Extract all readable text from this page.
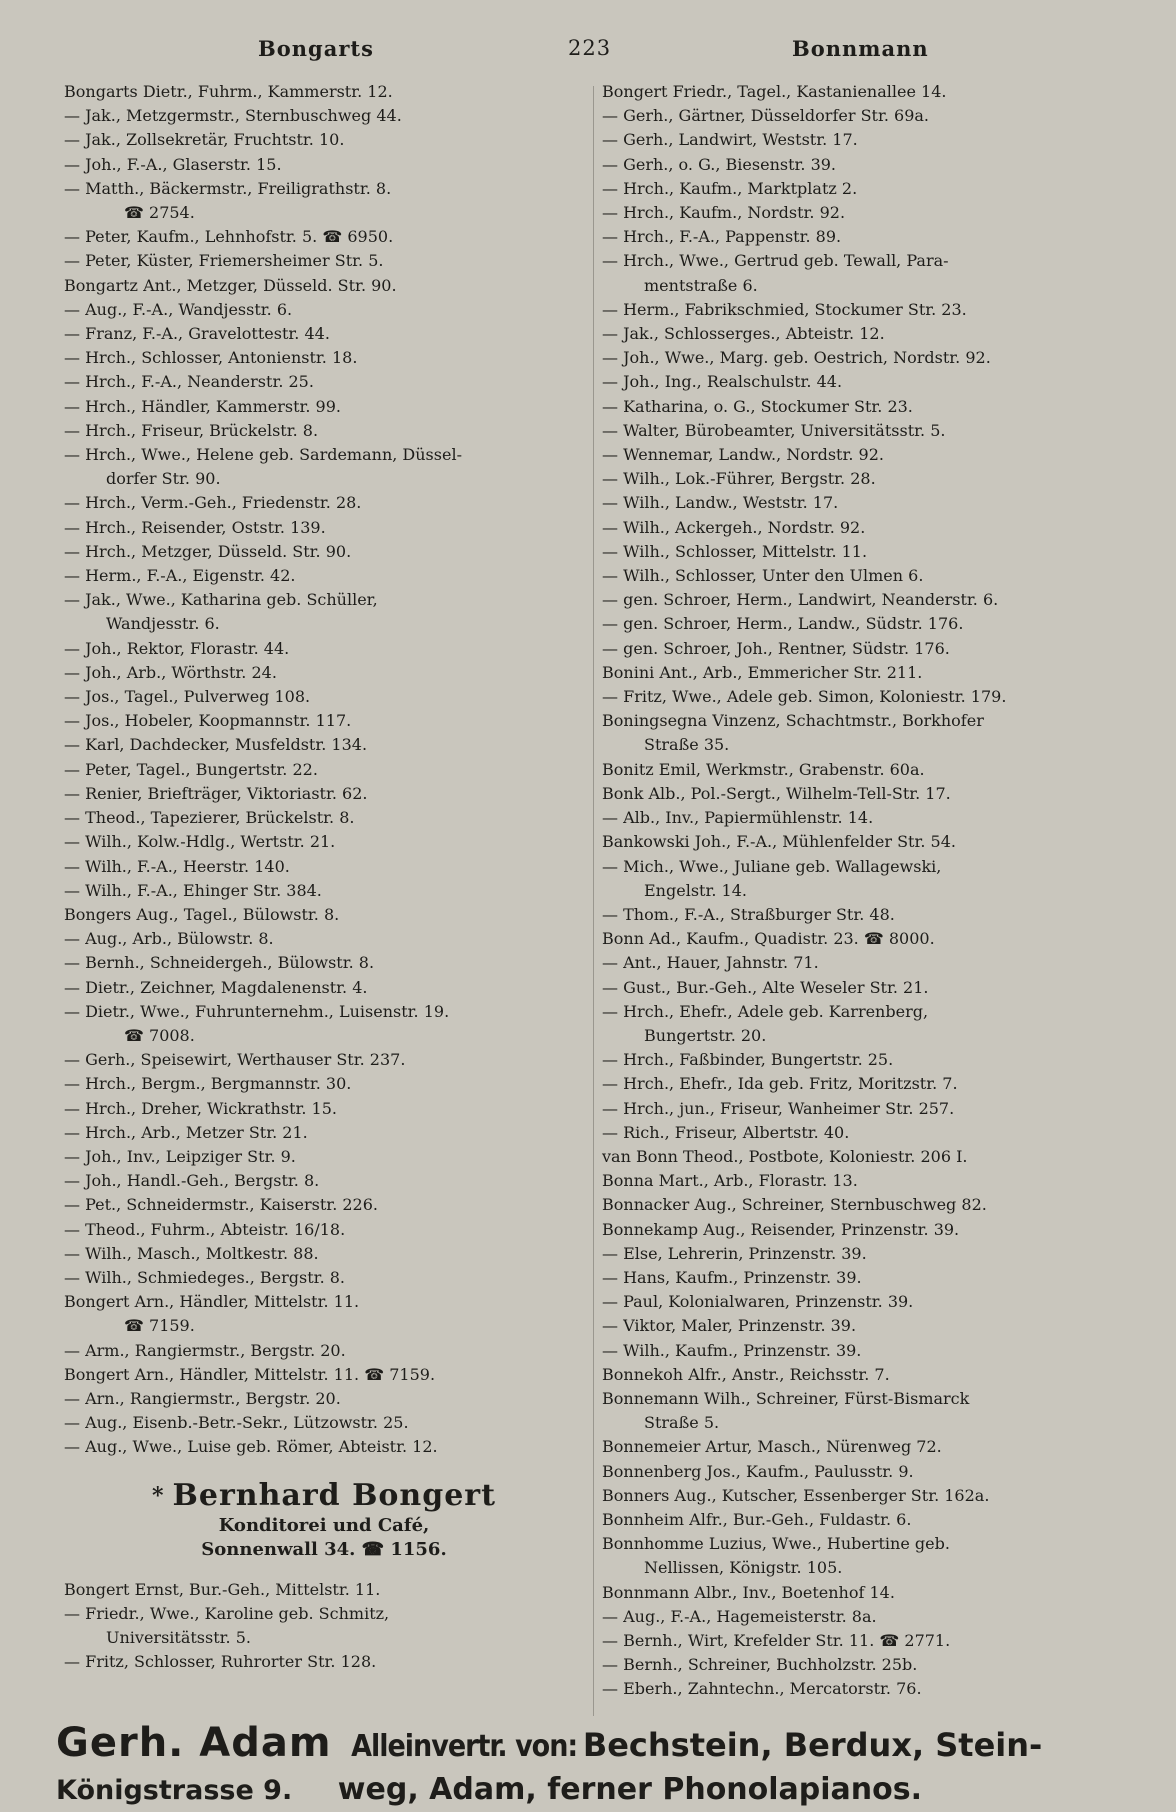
Bongarts	223	Bonnmann
Bongarts Dietr., Fuhrm., Kammerstr. 12.
— Jak., Metzgermstr., Sternbuschweg 44.
— Jak., Zollsekretär, Fruchtstr. 10.
— Joh., F.-A., Glaserstr. 15.
— Matth., Bäckermstr., Freiligrathstr. 8.
☎ 2754.
— Peter, Kaufm., Lehnhofstr. 5. ☎ 6950.
— Peter, Küster, Friemersheimer Str. 5.
Bongartz Ant., Metzger, Düsseld. Str. 90.
— Aug., F.-A., Wandjesstr. 6.
— Franz, F.-A., Gravelottestr. 44.
— Hrch., Schlosser, Antonienstr. 18.
— Hrch., F.-A., Neanderstr. 25.
— Hrch., Händler, Kammerstr. 99.
— Hrch., Friseur, Brückelstr. 8.
— Hrch., Wwe., Helene geb. Sardemann, Düssel-
dorfer Str. 90.
— Hrch., Verm.-Geh., Friedenstr. 28.
— Hrch., Reisender, Oststr. 139.
— Hrch., Metzger, Düsseld. Str. 90.
— Herm., F.-A., Eigenstr. 42.
— Jak., Wwe., Katharina geb. Schüller,
Wandjesstr. 6.
— Joh., Rektor, Florastr. 44.
— Joh., Arb., Wörthstr. 24.
— Jos., Tagel., Pulverweg 108.
— Jos., Hobeler, Koopmannstr. 117.
— Karl, Dachdecker, Musfeldstr. 134.
— Peter, Tagel., Bungertstr. 22.
— Renier, Briefträger, Viktoriastr. 62.
— Theod., Tapezierer, Brückelstr. 8.
— Wilh., Kolw.-Hdlg., Wertstr. 21.
— Wilh., F.-A., Heerstr. 140.
— Wilh., F.-A., Ehinger Str. 384.
Bongers Aug., Tagel., Bülowstr. 8.
— Aug., Arb., Bülowstr. 8.
— Bernh., Schneidergeh., Bülowstr. 8.
— Dietr., Zeichner, Magdalenenstr. 4.
— Dietr., Wwe., Fuhrunternehm., Luisenstr. 19.
☎ 7008.
— Gerh., Speisewirt, Werthauser Str. 237.
— Hrch., Bergm., Bergmannstr. 30.
— Hrch., Dreher, Wickrathstr. 15.
— Hrch., Arb., Metzer Str. 21.
— Joh., Inv., Leipziger Str. 9.
— Joh., Handl.-Geh., Bergstr. 8.
— Pet., Schneidermstr., Kaiserstr. 226.
— Theod., Fuhrm., Abteistr. 16/18.
— Wilh., Masch., Moltkestr. 88.
— Wilh., Schmiedeges., Bergstr. 8.
Bongert Arn., Händler, Mittelstr. 11.
☎ 7159.
— Arm., Rangiermstr., Bergstr. 20.
Bongert Arn., Händler, Mittelstr. 11. ☎ 7159.
— Arn., Rangiermstr., Bergstr. 20.
— Aug., Eisenb.-Betr.-Sekr., Lützowstr. 25.
— Aug., Wwe., Luise geb. Römer, Abteistr. 12.
* Bernhard Bongert
Konditorei und Café,
Sonnenwall 34. ☎ 1156.
Bongert Ernst, Bur.-Geh., Mittelstr. 11.
— Friedr., Wwe., Karoline geb. Schmitz,
Universitätsstr. 5.
— Fritz, Schlosser, Ruhrorter Str. 128.
Bongert Friedr., Tagel., Kastanienallee 14.
— Gerh., Gärtner, Düsseldorfer Str. 69a.
— Gerh., Landwirt, Weststr. 17.
— Gerh., o. G., Biesenstr. 39.
— Hrch., Kaufm., Marktplatz 2.
— Hrch., Kaufm., Nordstr. 92.
— Hrch., F.-A., Pappenstr. 89.
— Hrch., Wwe., Gertrud geb. Tewall, Para-
mentstraße 6.
— Herm., Fabrikschmied, Stockumer Str. 23.
— Jak., Schlosserges., Abteistr. 12.
— Joh., Wwe., Marg. geb. Oestrich, Nordstr. 92.
— Joh., Ing., Realschulstr. 44.
— Katharina, o. G., Stockumer Str. 23.
— Walter, Bürobeamter, Universitätsstr. 5.
— Wennemar, Landw., Nordstr. 92.
— Wilh., Lok.-Führer, Bergstr. 28.
— Wilh., Landw., Weststr. 17.
— Wilh., Ackergeh., Nordstr. 92.
— Wilh., Schlosser, Mittelstr. 11.
— Wilh., Schlosser, Unter den Ulmen 6.
— gen. Schroer, Herm., Landwirt, Neanderstr. 6.
— gen. Schroer, Herm., Landw., Südstr. 176.
— gen. Schroer, Joh., Rentner, Südstr. 176.
Bonini Ant., Arb., Emmericher Str. 211.
— Fritz, Wwe., Adele geb. Simon, Koloniestr. 179.
Boningsegna Vinzenz, Schachtmstr., Borkhofer
Straße 35.
Bonitz Emil, Werkmstr., Grabenstr. 60a.
Bonk Alb., Pol.-Sergt., Wilhelm-Tell-Str. 17.
— Alb., Inv., Papiermühlenstr. 14.
Bankowski Joh., F.-A., Mühlenfelder Str. 54.
— Mich., Wwe., Juliane geb. Wallagewski,
Engelstr. 14.
— Thom., F.-A., Straßburger Str. 48.
Bonn Ad., Kaufm., Quadistr. 23. ☎ 8000.
— Ant., Hauer, Jahnstr. 71.
— Gust., Bur.-Geh., Alte Weseler Str. 21.
— Hrch., Ehefr., Adele geb. Karrenberg,
Bungertstr. 20.
— Hrch., Faßbinder, Bungertstr. 25.
— Hrch., Ehefr., Ida geb. Fritz, Moritzstr. 7.
— Hrch., jun., Friseur, Wanheimer Str. 257.
— Rich., Friseur, Albertstr. 40.
van Bonn Theod., Postbote, Koloniestr. 206 I.
Bonna Mart., Arb., Florastr. 13.
Bonnacker Aug., Schreiner, Sternbuschweg 82.
Bonnekamp Aug., Reisender, Prinzenstr. 39.
— Else, Lehrerin, Prinzenstr. 39.
— Hans, Kaufm., Prinzenstr. 39.
— Paul, Kolonialwaren, Prinzenstr. 39.
— Viktor, Maler, Prinzenstr. 39.
— Wilh., Kaufm., Prinzenstr. 39.
Bonnekoh Alfr., Anstr., Reichsstr. 7.
Bonnemann Wilh., Schreiner, Fürst-Bismarck
Straße 5.
Bonnemeier Artur, Masch., Nürenweg 72.
Bonnenberg Jos., Kaufm., Paulusstr. 9.
Bonners Aug., Kutscher, Essenberger Str. 162a.
Bonnheim Alfr., Bur.-Geh., Fuldastr. 6.
Bonnhomme Luzius, Wwe., Hubertine geb.
Nellissen, Königstr. 105.
Bonnmann Albr., Inv., Boetenhof 14.
— Aug., F.-A., Hagemeisterstr. 8a.
— Bernh., Wirt, Krefelder Str. 11. ☎ 2771.
— Bernh., Schreiner, Buchholzstr. 25b.
— Eberh., Zahntechn., Mercatorstr. 76.
Gerh. Adam Alleinvertr. von: Bechstein, Berdux, Stein-
Königstrasse 9. weg, Adam, ferner Phonolapianos.
